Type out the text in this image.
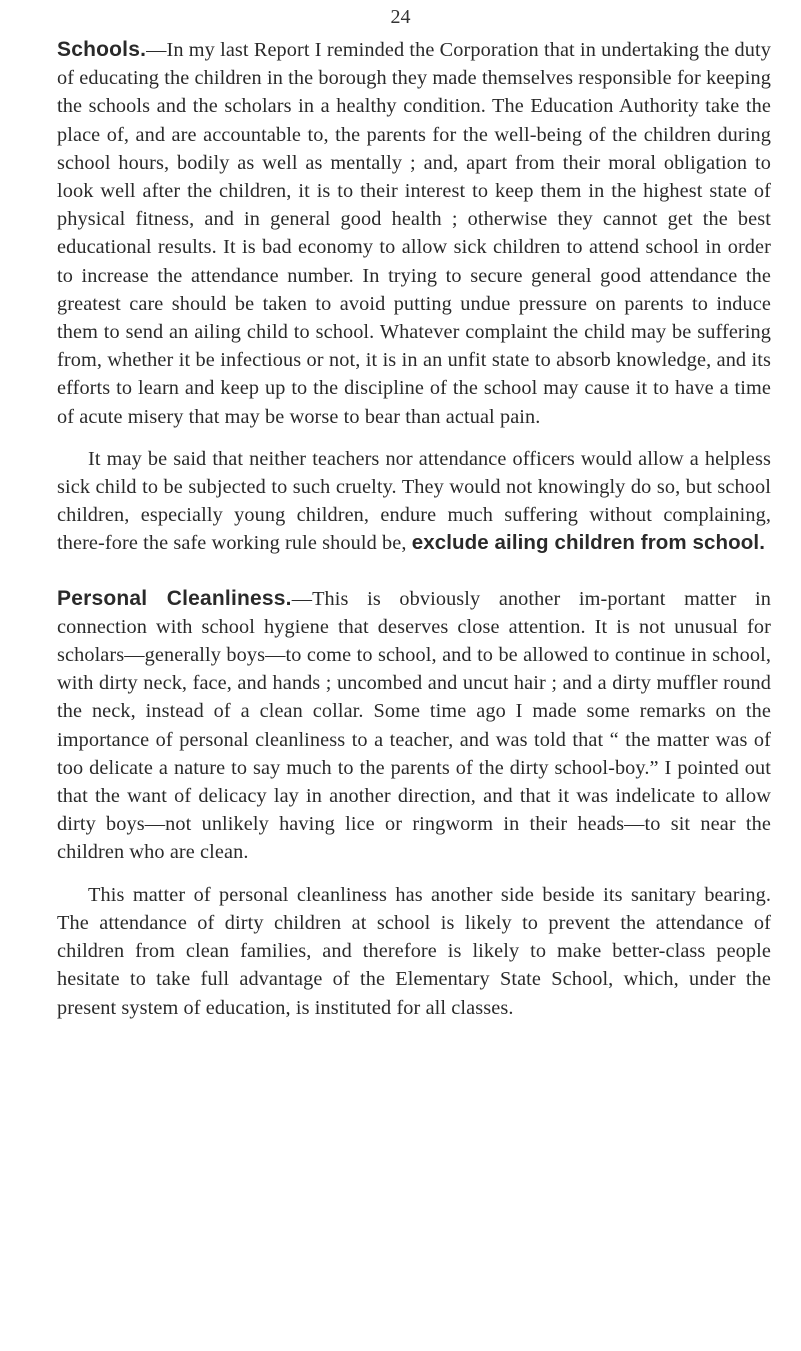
24

Schools.—In my last Report I reminded the Corporation that in undertaking the duty of educating the children in the borough they made themselves responsible for keeping the schools and the scholars in a healthy condition. The Education Authority take the place of, and are accountable to, the parents for the well-being of the children during school hours, bodily as well as mentally ; and, apart from their moral obligation to look well after the children, it is to their interest to keep them in the highest state of physical fitness, and in general good health ; otherwise they cannot get the best educational results. It is bad economy to allow sick children to attend school in order to increase the attendance number. In trying to secure general good attendance the greatest care should be taken to avoid putting undue pressure on parents to induce them to send an ailing child to school. Whatever complaint the child may be suffering from, whether it be infectious or not, it is in an unfit state to absorb knowledge, and its efforts to learn and keep up to the discipline of the school may cause it to have a time of acute misery that may be worse to bear than actual pain.

It may be said that neither teachers nor attendance officers would allow a helpless sick child to be subjected to such cruelty. They would not knowingly do so, but school children, especially young children, endure much suffering without complaining, there-fore the safe working rule should be, exclude ailing children from school.

Personal Cleanliness.—This is obviously another im-portant matter in connection with school hygiene that deserves close attention. It is not unusual for scholars—generally boys—to come to school, and to be allowed to continue in school, with dirty neck, face, and hands ; uncombed and uncut hair ; and a dirty muffler round the neck, instead of a clean collar. Some time ago I made some remarks on the importance of personal cleanliness to a teacher, and was told that “ the matter was of too delicate a nature to say much to the parents of the dirty school-boy.” I pointed out that the want of delicacy lay in another direction, and that it was indelicate to allow dirty boys—not unlikely having lice or ringworm in their heads—to sit near the children who are clean.

This matter of personal cleanliness has another side beside its sanitary bearing. The attendance of dirty children at school is likely to prevent the attendance of children from clean families, and therefore is likely to make better-class people hesitate to take full advantage of the Elementary State School, which, under the present system of education, is instituted for all classes.
